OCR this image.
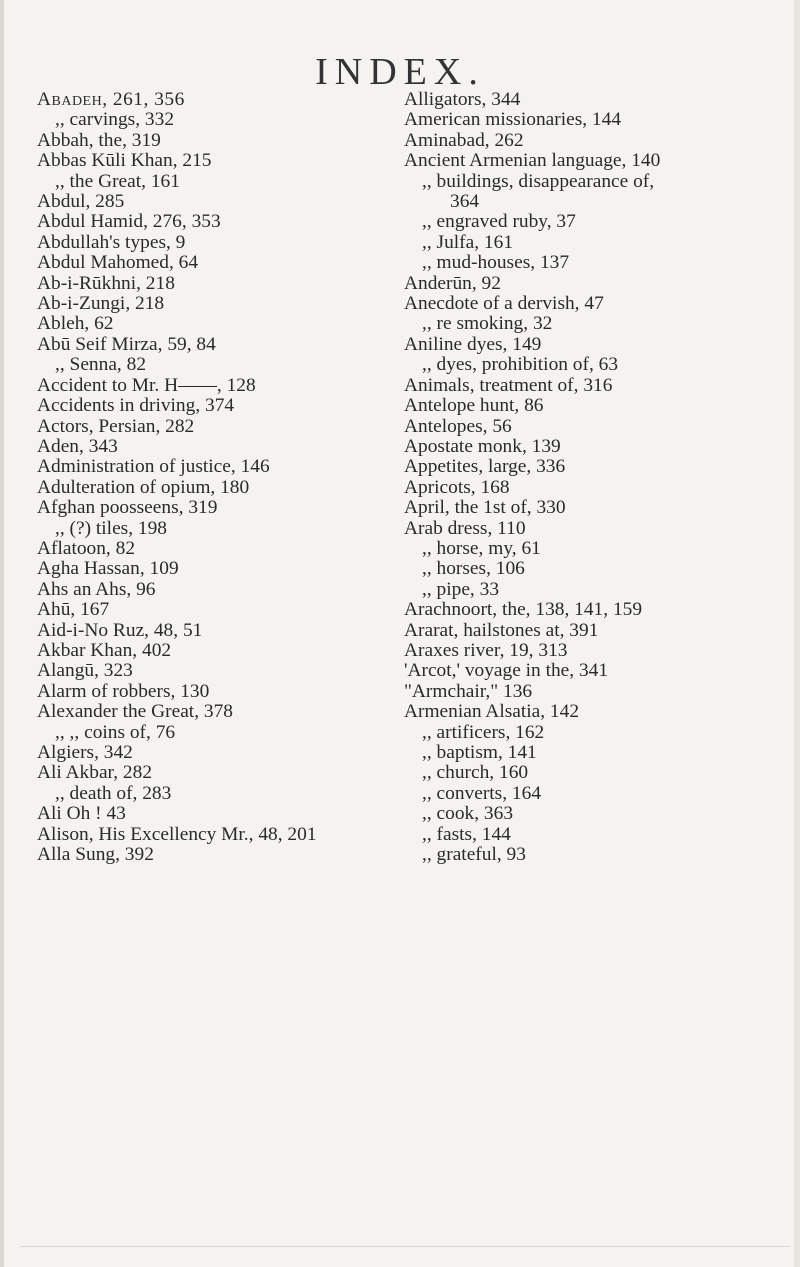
INDEX.

Abadeh, 261, 356

,, carvings, 332

Abbah, the, 319

Abbas Kūli Khan, 215

,, the Great, 161

Abdul, 285

Abdul Hamid, 276, 353

Abdullah's types, 9

Abdul Mahomed, 64

Ab-i-Rūkhni, 218

Ab-i-Zungi, 218

Ableh, 62

Abū Seif Mirza, 59, 84

,, Senna, 82

Accident to Mr. H——, 128

Accidents in driving, 374

Actors, Persian, 282

Aden, 343

Administration of justice, 146

Adulteration of opium, 180

Afghan poosseens, 319

,, (?) tiles, 198

Aflatoon, 82

Agha Hassan, 109

Ahs an Ahs, 96

Ahū, 167

Aid-i-No Ruz, 48, 51

Akbar Khan, 402

Alangū, 323

Alarm of robbers, 130

Alexander the Great, 378

,, ,, coins of, 76

Algiers, 342

Ali Akbar, 282

,, death of, 283

Ali Oh ! 43

Alison, His Excellency Mr., 48, 201

Alla Sung, 392

Alligators, 344

American missionaries, 144

Aminabad, 262

Ancient Armenian language, 140

,, buildings, disappearance of,

364

,, engraved ruby, 37

,, Julfa, 161

,, mud-houses, 137

Anderūn, 92

Anecdote of a dervish, 47

,, re smoking, 32

Aniline dyes, 149

,, dyes, prohibition of, 63

Animals, treatment of, 316

Antelope hunt, 86

Antelopes, 56

Apostate monk, 139

Appetites, large, 336

Apricots, 168

April, the 1st of, 330

Arab dress, 110

,, horse, my, 61

,, horses, 106

,, pipe, 33

Arachnoort, the, 138, 141, 159

Ararat, hailstones at, 391

Araxes river, 19, 313

'Arcot,' voyage in the, 341

"Armchair," 136

Armenian Alsatia, 142

,, artificers, 162

,, baptism, 141

,, church, 160

,, converts, 164

,, cook, 363

,, fasts, 144

,, grateful, 93
